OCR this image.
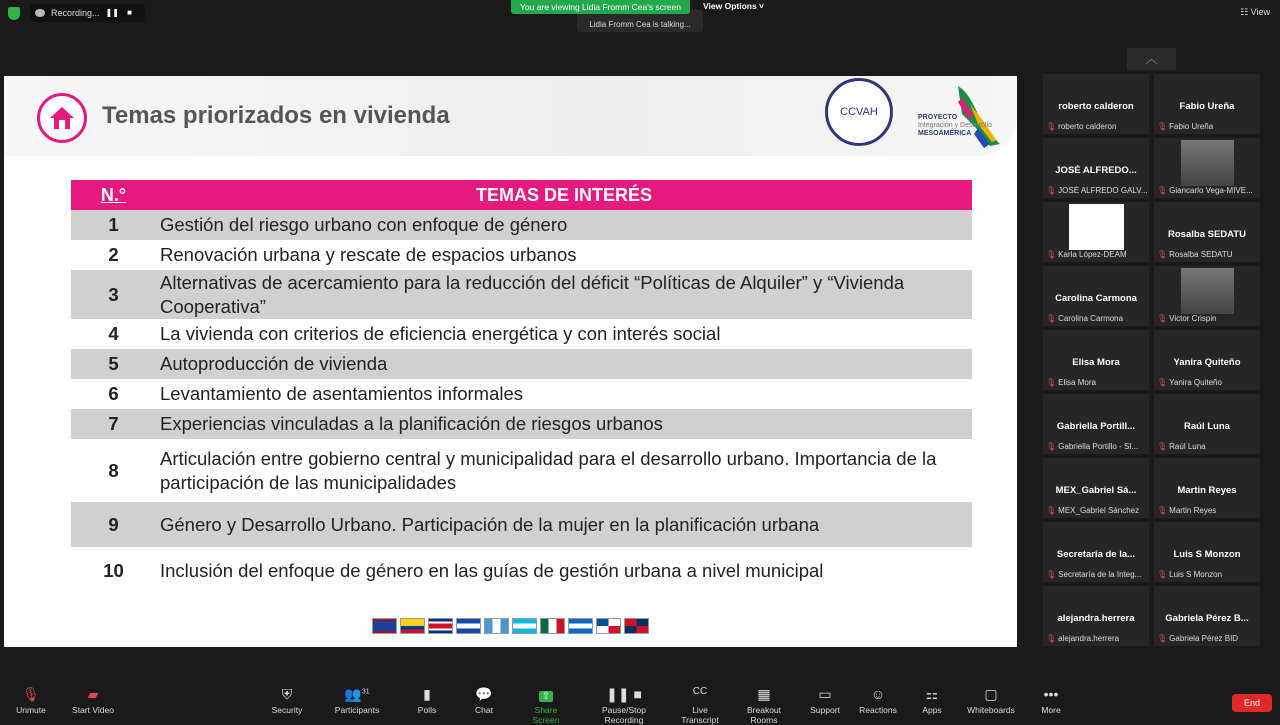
Recording... ❚❚	■

Lidia Fromm Cea is talking...
You are viewing Lidia Fromm Cea's screen	View Options ˅
☷ View
Temas priorizados en vivienda	CCVAH	PROYECTO
Integración y Desarrollo
MESOAMÉRICA
N.°	TEMAS DE INTERÉS
1	Gestión del riesgo urbano con enfoque de género
2	Renovación urbana y rescate de espacios urbanos
3	Alternativas de acercamiento para la reducción del déficit “Políticas de Alquiler” y “Vivienda Cooperativa”
4	La vivienda con criterios de eficiencia energética y con interés social
5	Autoproducción de vivienda
6	Levantamiento de asentamientos informales
7	Experiencias vinculadas a la planificación de riesgos urbanos
8	Articulación entre gobierno central y municipalidad para el desarrollo urbano. Importancia de la participación de las municipalidades
9	Género y Desarrollo Urbano. Participación de la mujer en la planificación urbana
10	Inclusión del enfoque de género en las guías de gestión urbana a nivel municipal
︿
roberto calderon
🎙 roberto calderon
Fabio Ureña
🎙 Fabio Ureña
JOSÉ ALFREDO...
🎙 JOSÉ ALFREDO GALV... 🎙 Giancarlo Vega-MIVE...
🎙 Karla López-DEAM
Rosalba SEDATU
🎙 Rosalba SEDATU
Carolina Carmona
🎙 Carolina Carmona	🎙 Victor Crispin
Elisa Mora
🎙 Elisa Mora
Yanira Quiteño
🎙 Yanira Quiteño
Gabriella Portill...
🎙 Gabriella Portillo - SI...
Raúl Luna
🎙 Raúl Luna
MEX_Gabriel Sá...
🎙 MEX_Gabriel Sánchez
Martin Reyes
🎙 Martin Reyes
Secretaría de la...
🎙 Secretaría de la Integ...
Luis S Monzon
🎙 Luis S Monzon
alejandra.herrera
🎙 alejandra.herrera
Gabriela Pérez B...
🎙 Gabriela Pérez BID
🎙
Unmute
▰
Start Video
⛨
Security
👥$^{31}$
Participants
▮
Polls
💬
Chat
⇧
Share Screen
❚❚ ■
Pause/Stop Recording
CC
Live Transcript
▦
Breakout Rooms
▭
Support
☺
Reactions
⚏
Apps
▢
Whiteboards
•••
More
End
